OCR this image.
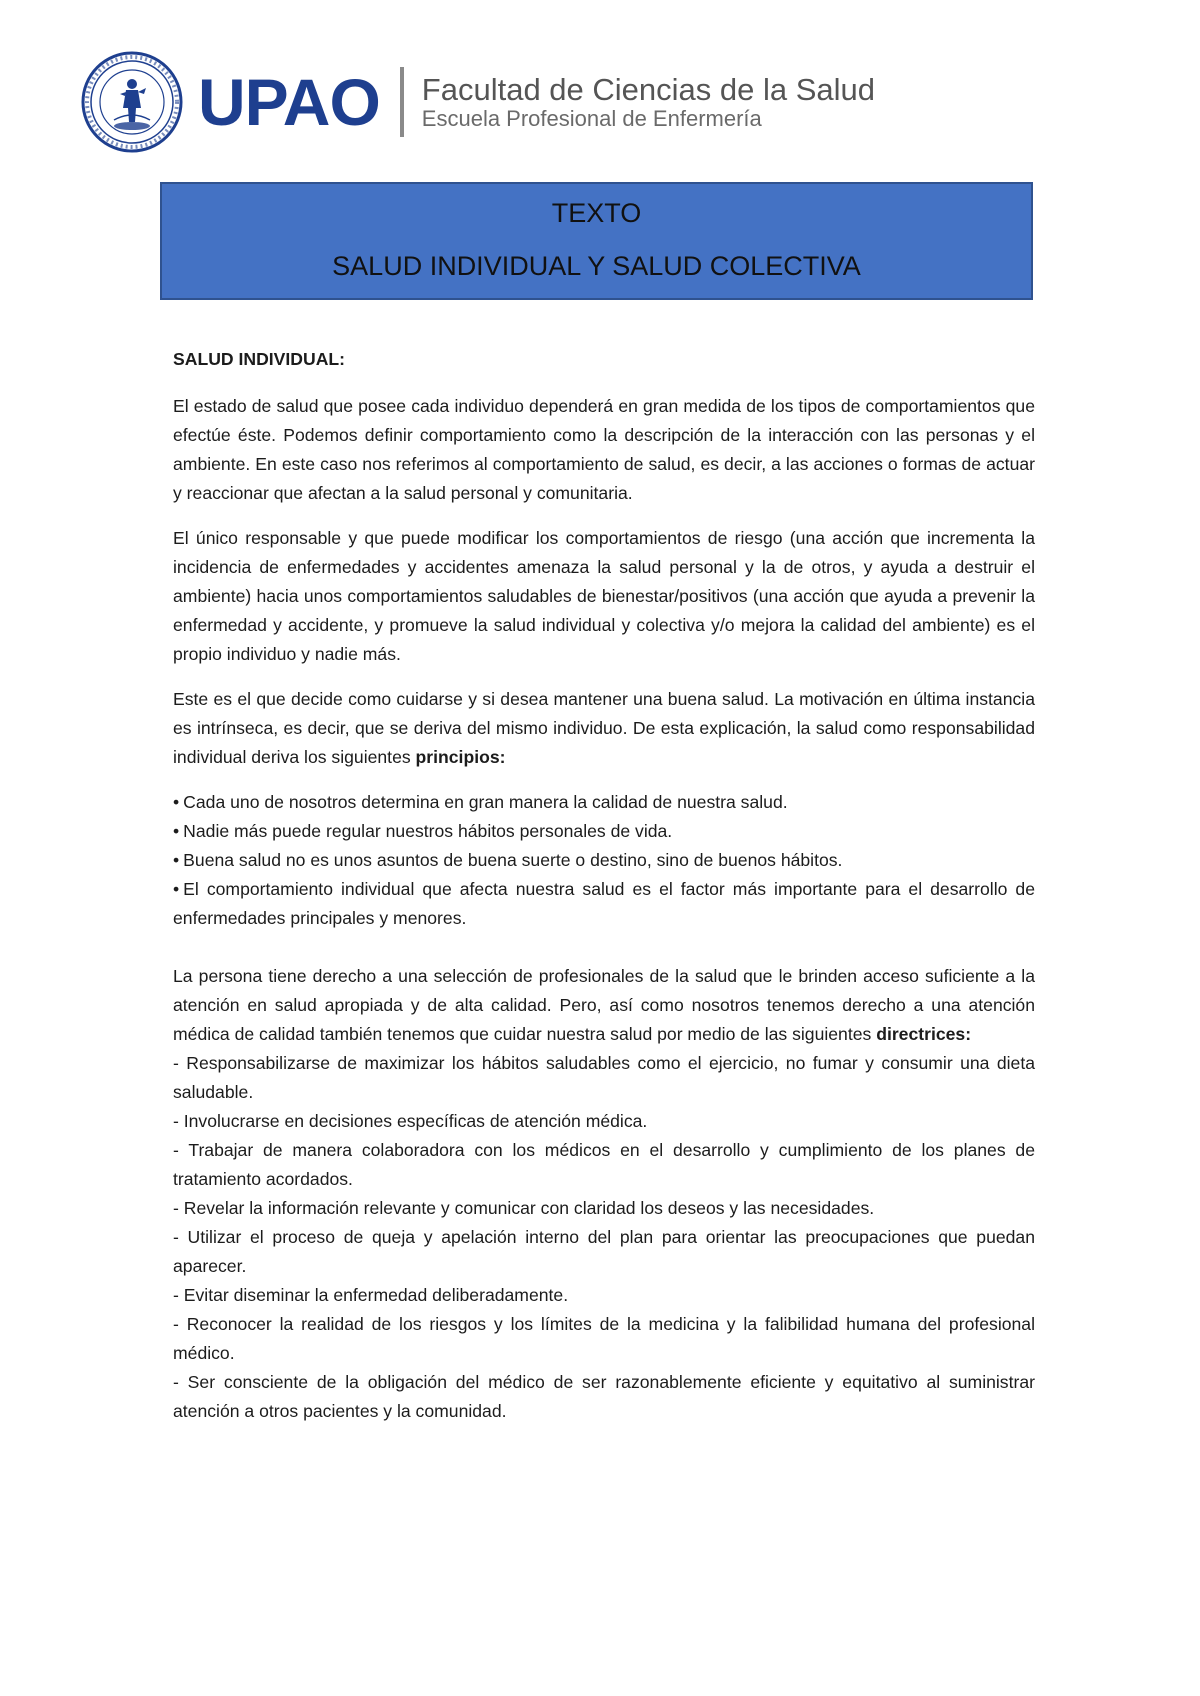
UPAO Facultad de Ciencias de la Salud
Escuela Profesional de Enfermería
TEXTO
SALUD INDIVIDUAL Y SALUD COLECTIVA

SALUD INDIVIDUAL:

El estado de salud que posee cada individuo dependerá en gran medida de los tipos de comportamientos que efectúe éste. Podemos definir comportamiento como la descripción de la interacción con las personas y el ambiente. En este caso nos referimos al comportamiento de salud, es decir, a las acciones o formas de actuar y reaccionar que afectan a la salud personal y comunitaria.

El único responsable y que puede modificar los comportamientos de riesgo (una acción que incrementa la incidencia de enfermedades y accidentes amenaza la salud personal y la de otros, y ayuda a destruir el ambiente) hacia unos comportamientos saludables de bienestar/positivos (una acción que ayuda a prevenir la enfermedad y accidente, y promueve la salud individual y colectiva y/o mejora la calidad del ambiente) es el propio individuo y nadie más.

Este es el que decide como cuidarse y si desea mantener una buena salud. La motivación en última instancia es intrínseca, es decir, que se deriva del mismo individuo. De esta explicación, la salud como responsabilidad individual deriva los siguientes principios:

• Cada uno de nosotros determina en gran manera la calidad de nuestra salud.

• Nadie más puede regular nuestros hábitos personales de vida.

• Buena salud no es unos asuntos de buena suerte o destino, sino de buenos hábitos.

• El comportamiento individual que afecta nuestra salud es el factor más importante para el desarrollo de enfermedades principales y menores.

La persona tiene derecho a una selección de profesionales de la salud que le brinden acceso suficiente a la atención en salud apropiada y de alta calidad. Pero, así como nosotros tenemos derecho a una atención médica de calidad también tenemos que cuidar nuestra salud por medio de las siguientes directrices:

- Responsabilizarse de maximizar los hábitos saludables como el ejercicio, no fumar y consumir una dieta saludable.

- Involucrarse en decisiones específicas de atención médica.

- Trabajar de manera colaboradora con los médicos en el desarrollo y cumplimiento de los planes de tratamiento acordados.

- Revelar la información relevante y comunicar con claridad los deseos y las necesidades.

- Utilizar el proceso de queja y apelación interno del plan para orientar las preocupaciones que puedan aparecer.

- Evitar diseminar la enfermedad deliberadamente.

- Reconocer la realidad de los riesgos y los límites de la medicina y la falibilidad humana del profesional médico.

- Ser consciente de la obligación del médico de ser razonablemente eficiente y equitativo al suministrar atención a otros pacientes y la comunidad.
